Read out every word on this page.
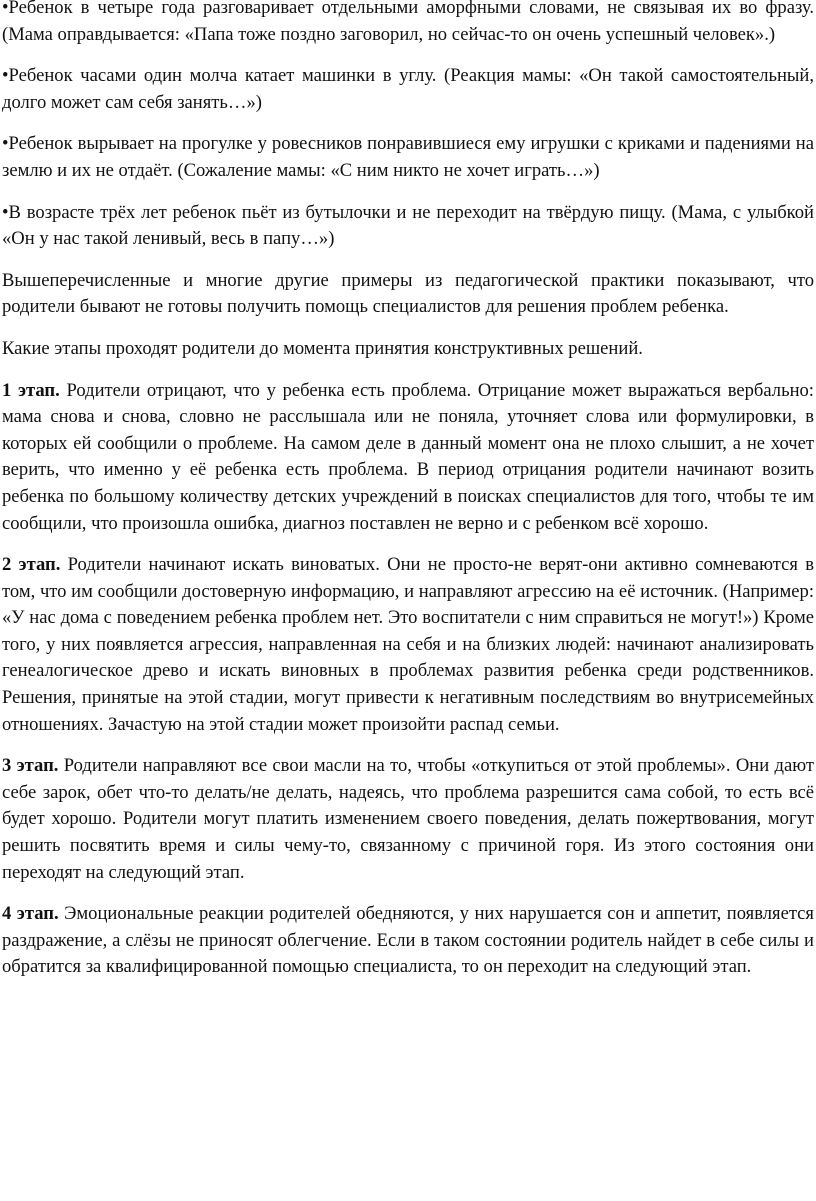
•Ребенок в четыре года разговаривает отдельными аморфными словами, не связывая их во фразу. (Мама оправдывается: «Папа тоже поздно заговорил, но сейчас-то он очень успешный человек».)

•Ребенок часами один молча катает машинки в углу. (Реакция мамы: «Он такой самостоятельный, долго может сам себя занять…»)

•Ребенок вырывает на прогулке у ровесников понравившиеся ему игрушки с криками и падениями на землю и их не отдаёт. (Сожаление мамы: «С ним никто не хочет играть…»)

•В возрасте трёх лет ребенок пьёт из бутылочки и не переходит на твёрдую пищу. (Мама, с улыбкой «Он у нас такой ленивый, весь в папу…»)

Вышеперечисленные и многие другие примеры из педагогической практики показывают, что родители бывают не готовы получить помощь специалистов для решения проблем ребенка.

Какие этапы проходят родители до момента принятия конструктивных решений.

1 этап. Родители отрицают, что у ребенка есть проблема. Отрицание может выражаться вербально: мама снова и снова, словно не расслышала или не поняла, уточняет слова или формулировки, в которых ей сообщили о проблеме. На самом деле в данный момент она не плохо слышит, а не хочет верить, что именно у её ребенка есть проблема. В период отрицания родители начинают возить ребенка по большому количеству детских учреждений в поисках специалистов для того, чтобы те им сообщили, что произошла ошибка, диагноз поставлен не верно и с ребенком всё хорошо.

2 этап. Родители начинают искать виноватых. Они не просто-не верят-они активно сомневаются в том, что им сообщили достоверную информацию, и направляют агрессию на её источник. (Например: «У нас дома с поведением ребенка проблем нет. Это воспитатели с ним справиться не могут!») Кроме того, у них появляется агрессия, направленная на себя и на близких людей: начинают анализировать генеалогическое древо и искать виновных в проблемах развития ребенка среди родственников. Решения, принятые на этой стадии, могут привести к негативным последствиям во внутрисемейных отношениях. Зачастую на этой стадии может произойти распад семьи.

3 этап. Родители направляют все свои масли на то, чтобы «откупиться от этой проблемы». Они дают себе зарок, обет что-то делать/не делать, надеясь, что проблема разрешится сама собой, то есть всё будет хорошо. Родители могут платить изменением своего поведения, делать пожертвования, могут решить посвятить время и силы чему-то, связанному с причиной горя. Из этого состояния они переходят на следующий этап.

4 этап. Эмоциональные реакции родителей обедняются, у них нарушается сон и аппетит, появляется раздражение, а слёзы не приносят облегчение. Если в таком состоянии родитель найдет в себе силы и обратится за квалифицированной помощью специалиста, то он переходит на следующий этап.
